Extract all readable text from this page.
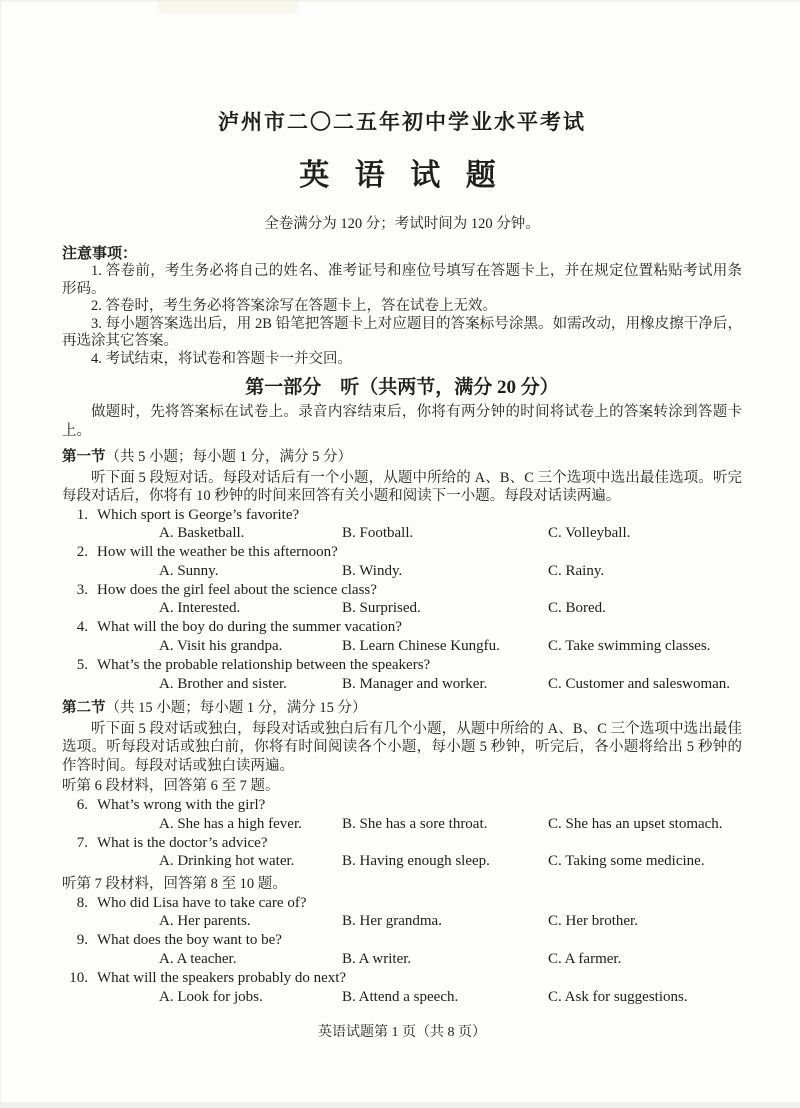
泸州市二〇二五年初中学业水平考试
英 语 试 题
全卷满分为 120 分；考试时间为 120 分钟。
注意事项：

1. 答卷前，考生务必将自己的姓名、准考证号和座位号填写在答题卡上，并在规定位置粘贴考试用条形码。

2. 答卷时，考生务必将答案涂写在答题卡上，答在试卷上无效。

3. 每小题答案选出后，用 2B 铅笔把答题卡上对应题目的答案标号涂黑。如需改动，用橡皮擦干净后，再选涂其它答案。

4. 考试结束，将试卷和答题卡一并交回。

第一部分　听（共两节，满分 20 分）

做题时，先将答案标在试卷上。录音内容结束后，你将有两分钟的时间将试卷上的答案转涂到答题卡上。

第一节（共 5 小题；每小题 1 分，满分 5 分）

听下面 5 段短对话。每段对话后有一个小题，从题中所给的 A、B、C 三个选项中选出最佳选项。听完每段对话后，你将有 10 秒钟的时间来回答有关小题和阅读下一小题。每段对话读两遍。

1. Which sport is George’s favorite?
A. Basketball.	B. Football.	C. Volleyball.
2. How will the weather be this afternoon?
A. Sunny.	B. Windy.	C. Rainy.
3. How does the girl feel about the science class?
A. Interested.	B. Surprised.	C. Bored.
4. What will the boy do during the summer vacation?
A. Visit his grandpa.	B. Learn Chinese Kungfu.	C. Take swimming classes.
5. What’s the probable relationship between the speakers?
A. Brother and sister.	B. Manager and worker.	C. Customer and saleswoman.
第二节（共 15 小题；每小题 1 分，满分 15 分）

听下面 5 段对话或独白，每段对话或独白后有几个小题，从题中所给的 A、B、C 三个选项中选出最佳选项。听每段对话或独白前，你将有时间阅读各个小题，每小题 5 秒钟，听完后，各小题将给出 5 秒钟的作答时间。每段对话或独白读两遍。

听第 6 段材料，回答第 6 至 7 题。
6. What’s wrong with the girl?
A. She has a high fever.	B. She has a sore throat.	C. She has an upset stomach.
7. What is the doctor’s advice?
A. Drinking hot water.	B. Having enough sleep.	C. Taking some medicine.
听第 7 段材料，回答第 8 至 10 题。
8. Who did Lisa have to take care of?
A. Her parents.	B. Her grandma.	C. Her brother.
9. What does the boy want to be?
A. A teacher.	B. A writer.	C. A farmer.
10. What will the speakers probably do next?
A. Look for jobs.	B. Attend a speech.	C. Ask for suggestions.
英语试题第 1 页（共 8 页）
